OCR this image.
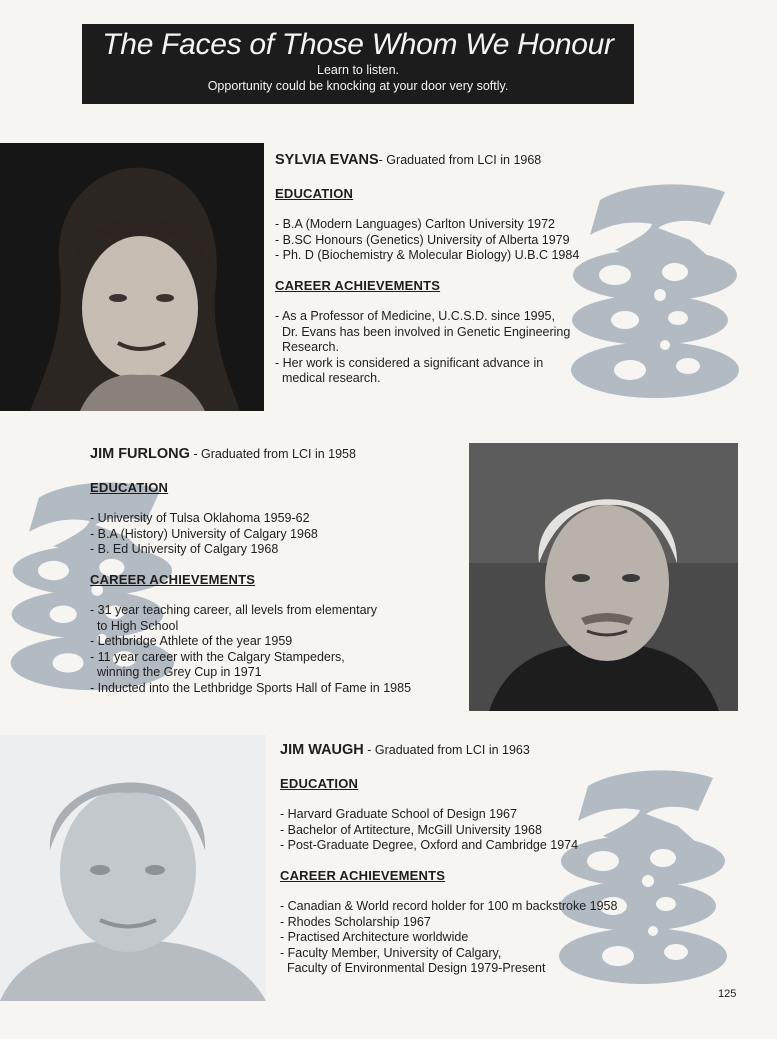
The Faces of Those Whom We Honour
Learn to listen.
Opportunity could be knocking at your door very softly.
SYLVIA EVANS- Graduated from LCI in 1968
EDUCATION
- B.A (Modern Languages) Carlton University 1972
- B.SC Honours (Genetics) University of Alberta 1979
- Ph. D (Biochemistry & Molecular Biology) U.B.C 1984
CAREER ACHIEVEMENTS
- As a Professor of Medicine, U.C.S.D. since 1995,
Dr. Evans has been involved in Genetic Engineering
Research.
- Her work is considered a significant advance in
medical research.
JIM FURLONG - Graduated from LCI in 1958
EDUCATION
- University of Tulsa Oklahoma 1959-62
- B.A (History) University of Calgary 1968
- B. Ed University of Calgary 1968
CAREER ACHIEVEMENTS
- 31 year teaching career, all levels from elementary
to High School
- Lethbridge Athlete of the year 1959
- 11 year career with the Calgary Stampeders,
winning the Grey Cup in 1971
- Inducted into the Lethbridge Sports Hall of Fame in 1985
JIM WAUGH - Graduated from LCI in 1963
EDUCATION
- Harvard Graduate School of Design 1967
- Bachelor of Artitecture, McGill University 1968
- Post-Graduate Degree, Oxford and Cambridge 1974
CAREER ACHIEVEMENTS
- Canadian & World record holder for 100 m backstroke 1958
- Rhodes Scholarship 1967
- Practised Architecture worldwide
- Faculty Member, University of Calgary,
Faculty of Environmental Design 1979-Present
125
